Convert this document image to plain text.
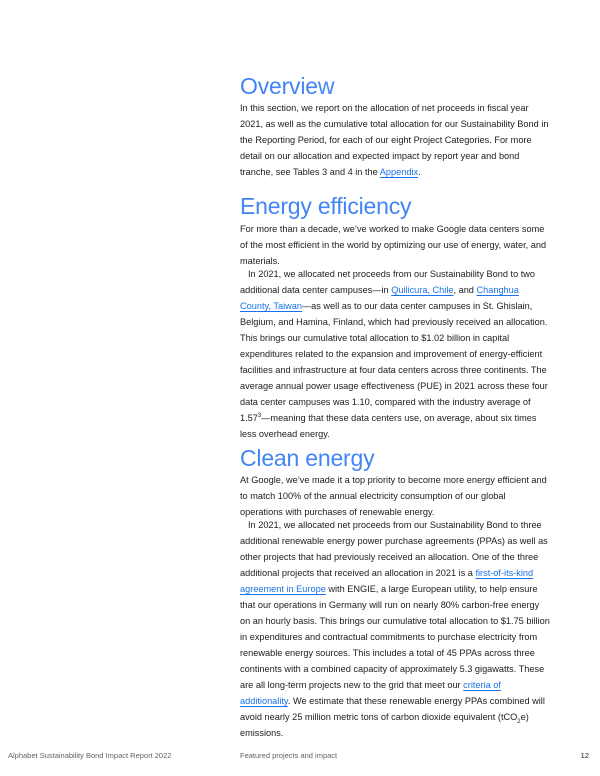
Overview

In this section, we report on the allocation of net proceeds in fiscal year 2021, as well as the cumulative total allocation for our Sustainability Bond in the Reporting Period, for each of our eight Project Categories. For more detail on our allocation and expected impact by report year and bond tranche, see Tables 3 and 4 in the Appendix.

Energy efficiency

For more than a decade, we’ve worked to make Google data centers some of the most efficient in the world by optimizing our use of energy, water, and materials.

In 2021, we allocated net proceeds from our Sustainability Bond to two additional data center campuses—in Quilicura, Chile, and Changhua County, Taiwan—as well as to our data center campuses in St. Ghislain, Belgium, and Hamina, Finland, which had previously received an allocation. This brings our cumulative total allocation to $1.02 billion in capital expenditures related to the expansion and improvement of energy-efficient facilities and infrastructure at four data centers across three continents. The average annual power usage effectiveness (PUE) in 2021 across these four data center campuses was 1.10, compared with the industry average of 1.57$^3$—meaning that these data centers use, on average, about six times less overhead energy.

Clean energy

At Google, we’ve made it a top priority to become more energy efficient and to match 100% of the annual electricity consumption of our global operations with purchases of renewable energy.

In 2021, we allocated net proceeds from our Sustainability Bond to three additional renewable energy power purchase agreements (PPAs) as well as other projects that had previously received an allocation. One of the three additional projects that received an allocation in 2021 is a first-of-its-kind agreement in Europe with ENGIE, a large European utility, to help ensure that our operations in Germany will run on nearly 80% carbon-free energy on an hourly basis. This brings our cumulative total allocation to $1.75 billion in expenditures and contractual commitments to purchase electricity from renewable energy sources. This includes a total of 45 PPAs across three continents with a combined capacity of approximately 5.3 gigawatts. These are all long-term projects new to the grid that meet our criteria of additionality. We estimate that these renewable energy PPAs combined will avoid nearly 25 million metric tons of carbon dioxide equivalent (tCO$_2$e) emissions.

Alphabet Sustainability Bond Impact Report 2022	Featured projects and impact	12
